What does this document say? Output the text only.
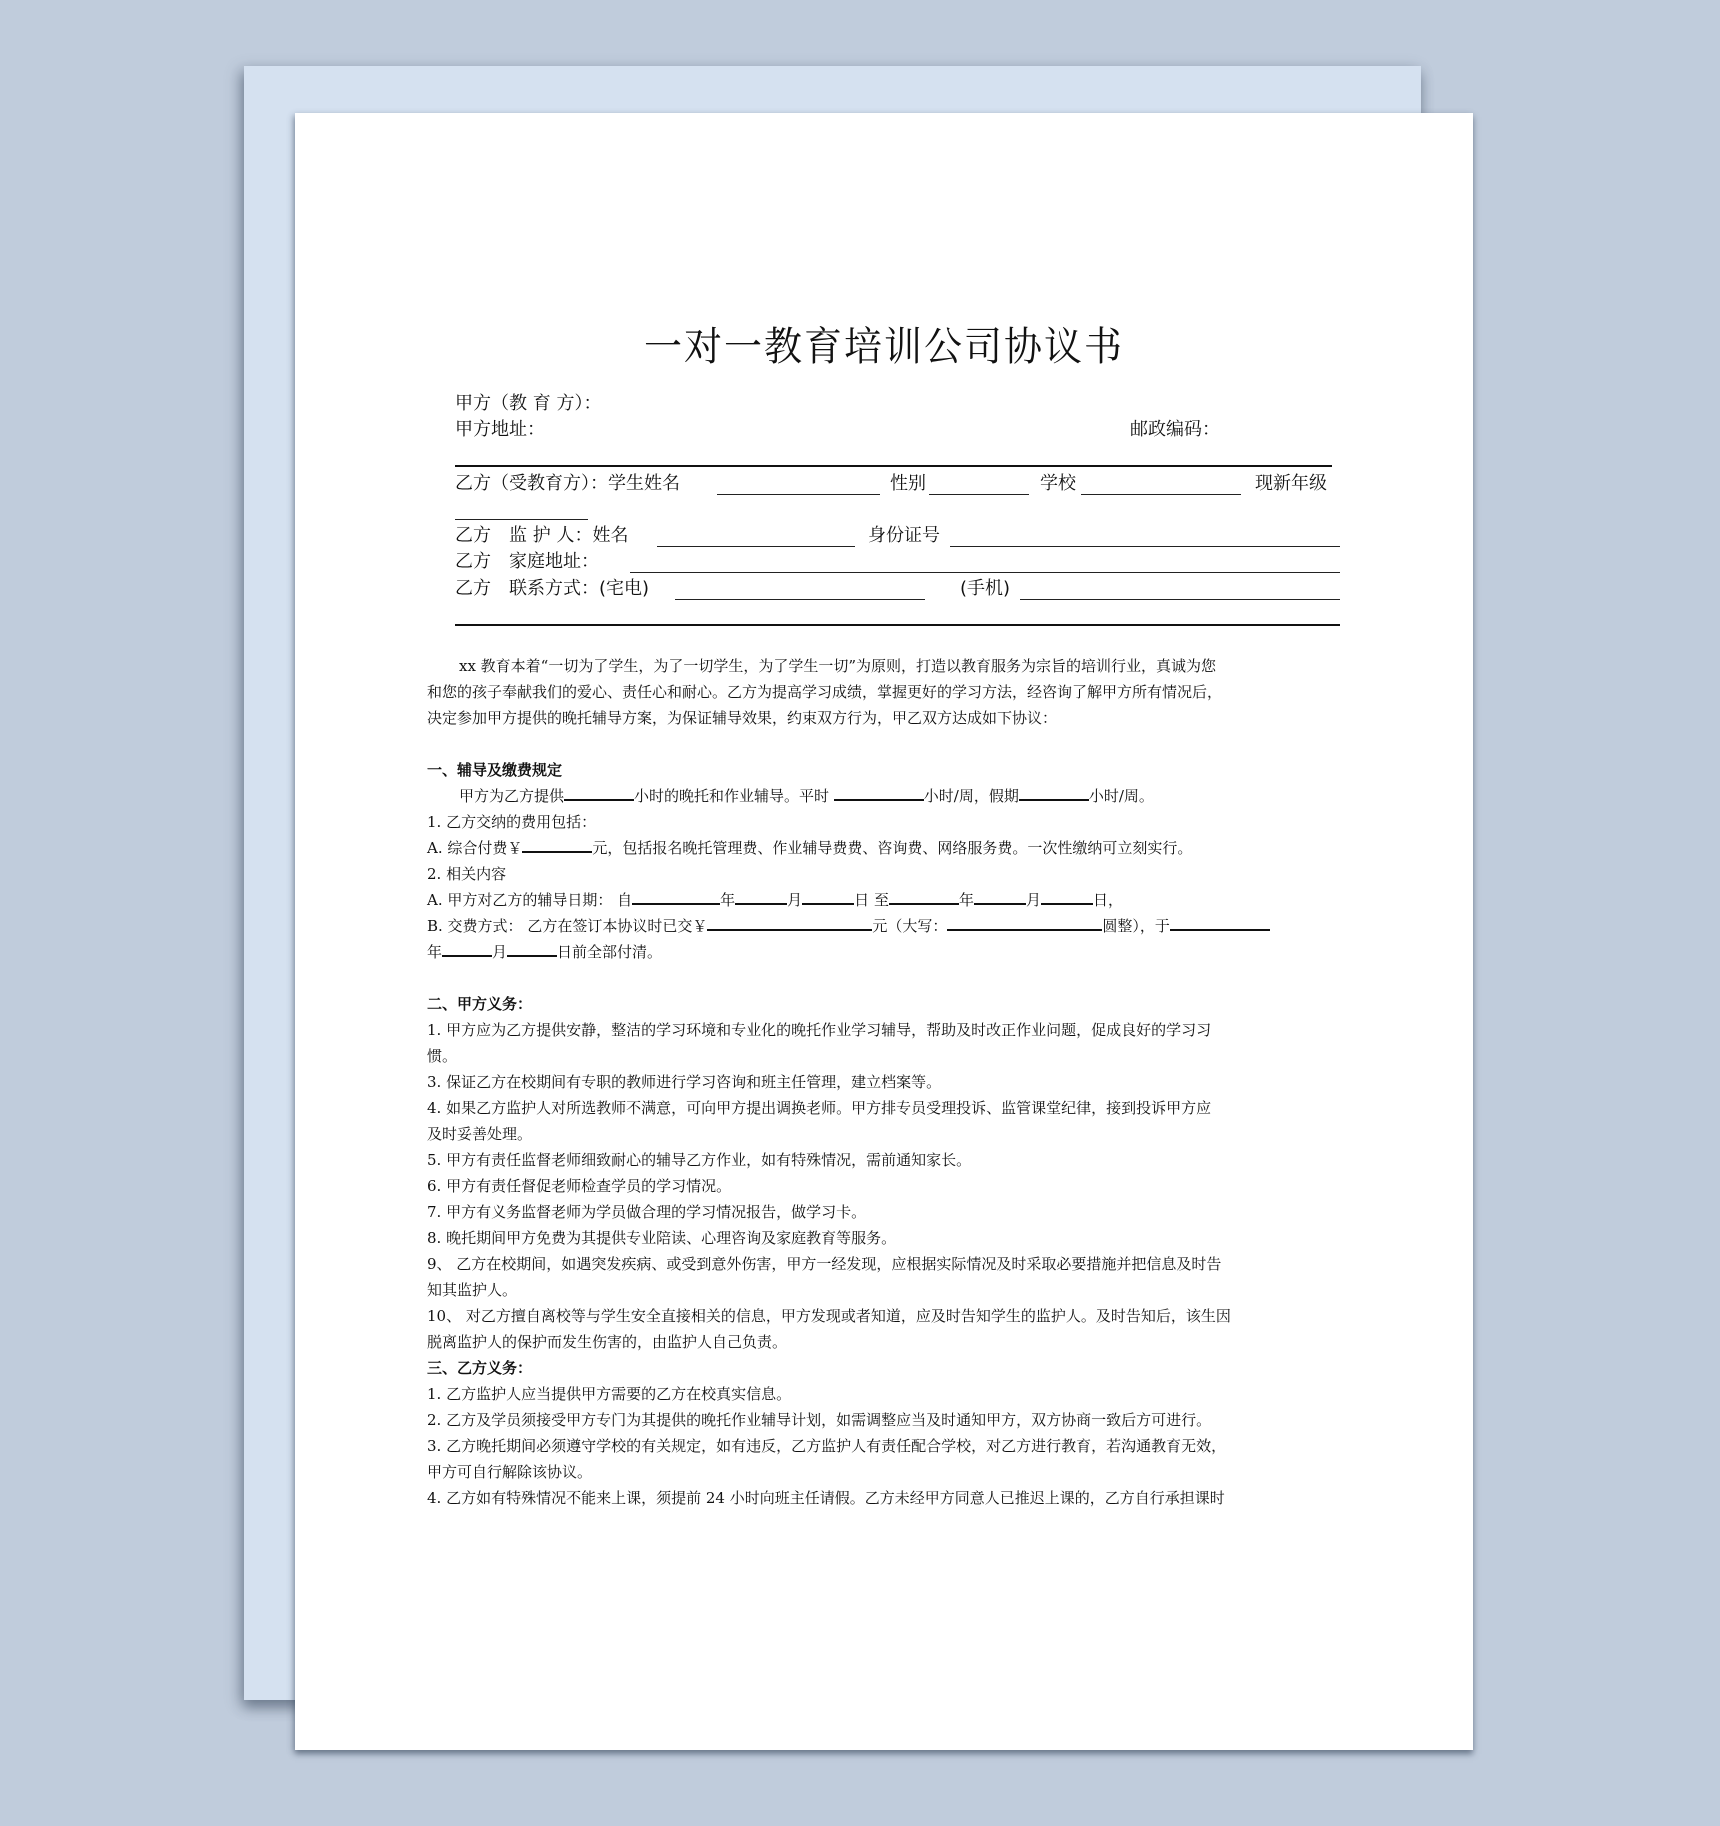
一对一教育培训公司协议书
甲方（教 育 方）：
甲方地址：	邮政编码：
乙方（受教育方）：学生姓名	性别	学校	现新年级
乙方　监 护 人：姓名	身份证号
乙方　家庭地址：
乙方　联系方式：(宅电)	(手机)

xx 教育本着“一切为了学生，为了一切学生，为了学生一切”为原则，打造以教育服务为宗旨的培训行业，真诚为您

和您的孩子奉献我们的爱心、责任心和耐心。乙方为提高学习成绩，掌握更好的学习方法，经咨询了解甲方所有情况后，

决定参加甲方提供的晚托辅导方案，为保证辅导效果，约束双方行为，甲乙双方达成如下协议：

一、辅导及缴费规定

甲方为乙方提供	小时的晚托和作业辅导。平时	小时/周，假期	小时/周。

1. 乙方交纳的费用包括：

A. 综合付费￥	元，包括报名晚托管理费、作业辅导费费、咨询费、网络服务费。一次性缴纳可立刻实行。

2. 相关内容

A. 甲方对乙方的辅导日期： 自	年	月	日 至	年	月	日，

B. 交费方式： 乙方在签订本协议时已交￥	元（大写：	圆整），于

年	月	日前全部付清。

二、甲方义务：

1. 甲方应为乙方提供安静，整洁的学习环境和专业化的晚托作业学习辅导，帮助及时改正作业问题，促成良好的学习习

惯。

3. 保证乙方在校期间有专职的教师进行学习咨询和班主任管理，建立档案等。

4. 如果乙方监护人对所选教师不满意，可向甲方提出调换老师。甲方排专员受理投诉、监管课堂纪律，接到投诉甲方应

及时妥善处理。

5. 甲方有责任监督老师细致耐心的辅导乙方作业，如有特殊情况，需前通知家长。

6. 甲方有责任督促老师检查学员的学习情况。

7. 甲方有义务监督老师为学员做合理的学习情况报告，做学习卡。

8. 晚托期间甲方免费为其提供专业陪读、心理咨询及家庭教育等服务。

9、 乙方在校期间，如遇突发疾病、或受到意外伤害，甲方一经发现，应根据实际情况及时采取必要措施并把信息及时告

知其监护人。

10、 对乙方擅自离校等与学生安全直接相关的信息，甲方发现或者知道，应及时告知学生的监护人。及时告知后，该生因

脱离监护人的保护而发生伤害的，由监护人自己负责。

三、乙方义务：

1. 乙方监护人应当提供甲方需要的乙方在校真实信息。

2. 乙方及学员须接受甲方专门为其提供的晚托作业辅导计划，如需调整应当及时通知甲方，双方协商一致后方可进行。

3. 乙方晚托期间必须遵守学校的有关规定，如有违反，乙方监护人有责任配合学校，对乙方进行教育，若沟通教育无效，

甲方可自行解除该协议。

4. 乙方如有特殊情况不能来上课，须提前 24 小时向班主任请假。乙方未经甲方同意人已推迟上课的，乙方自行承担课时
